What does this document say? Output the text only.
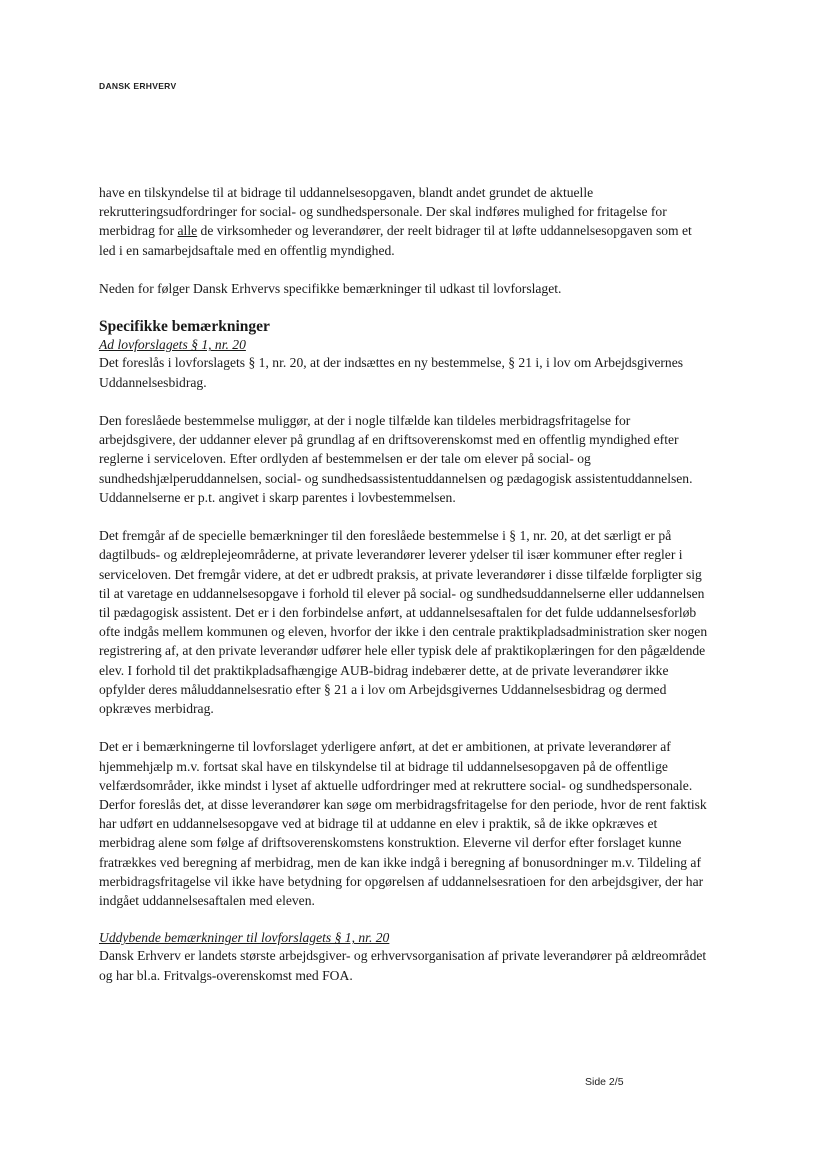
DANSK ERHVERV

have en tilskyndelse til at bidrage til uddannelsesopgaven, blandt andet grundet de aktuelle rekrutteringsudfordringer for social- og sundhedspersonale. Der skal indføres mulighed for fritagelse for merbidrag for alle de virksomheder og leverandører, der reelt bidrager til at løfte uddannelsesopgaven som et led i en samarbejdsaftale med en offentlig myndighed.

Neden for følger Dansk Erhvervs specifikke bemærkninger til udkast til lovforslaget.

Specifikke bemærkninger
Ad lovforslagets § 1, nr. 20

Det foreslås i lovforslagets § 1, nr. 20, at der indsættes en ny bestemmelse, § 21 i, i lov om Arbejdsgivernes Uddannelsesbidrag.

Den foreslåede bestemmelse muliggør, at der i nogle tilfælde kan tildeles merbidragsfritagelse for arbejdsgivere, der uddanner elever på grundlag af en driftsoverenskomst med en offentlig myndighed efter reglerne i serviceloven. Efter ordlyden af bestemmelsen er der tale om elever på social- og sundhedshjælperuddannelsen, social- og sundhedsassistentuddannelsen og pædagogisk assistentuddannelsen. Uddannelserne er p.t. angivet i skarp parentes i lovbestemmelsen.

Det fremgår af de specielle bemærkninger til den foreslåede bestemmelse i § 1, nr. 20, at det særligt er på dagtilbuds- og ældreplejeområderne, at private leverandører leverer ydelser til især kommuner efter regler i serviceloven. Det fremgår videre, at det er udbredt praksis, at private leverandører i disse tilfælde forpligter sig til at varetage en uddannelsesopgave i forhold til elever på social- og sundhedsuddannelserne eller uddannelsen til pædagogisk assistent. Det er i den forbindelse anført, at uddannelsesaftalen for det fulde uddannelsesforløb ofte indgås mellem kommunen og eleven, hvorfor der ikke i den centrale praktikpladsadministration sker nogen registrering af, at den private leverandør udfører hele eller typisk dele af praktikoplæringen for den pågældende elev. I forhold til det praktikpladsafhængige AUB-bidrag indebærer dette, at de private leverandører ikke opfylder deres måluddannelsesratio efter § 21 a i lov om Arbejdsgivernes Uddannelsesbidrag og dermed opkræves merbidrag.

Det er i bemærkningerne til lovforslaget yderligere anført, at det er ambitionen, at private leverandører af hjemmehjælp m.v. fortsat skal have en tilskyndelse til at bidrage til uddannelsesopgaven på de offentlige velfærdsområder, ikke mindst i lyset af aktuelle udfordringer med at rekruttere social- og sundhedspersonale. Derfor foreslås det, at disse leverandører kan søge om merbidragsfritagelse for den periode, hvor de rent faktisk har udført en uddannelsesopgave ved at bidrage til at uddanne en elev i praktik, så de ikke opkræves et merbidrag alene som følge af driftsoverenskomstens konstruktion. Eleverne vil derfor efter forslaget kunne fratrækkes ved beregning af merbidrag, men de kan ikke indgå i beregning af bonusordninger m.v. Tildeling af merbidragsfritagelse vil ikke have betydning for opgørelsen af uddannelsesratioen for den arbejdsgiver, der har indgået uddannelsesaftalen med eleven.

Uddybende bemærkninger til lovforslagets § 1, nr. 20

Dansk Erhverv er landets største arbejdsgiver- og erhvervsorganisation af private leverandører på ældreområdet og har bl.a. Fritvalgs-overenskomst med FOA.

Side 2/5
